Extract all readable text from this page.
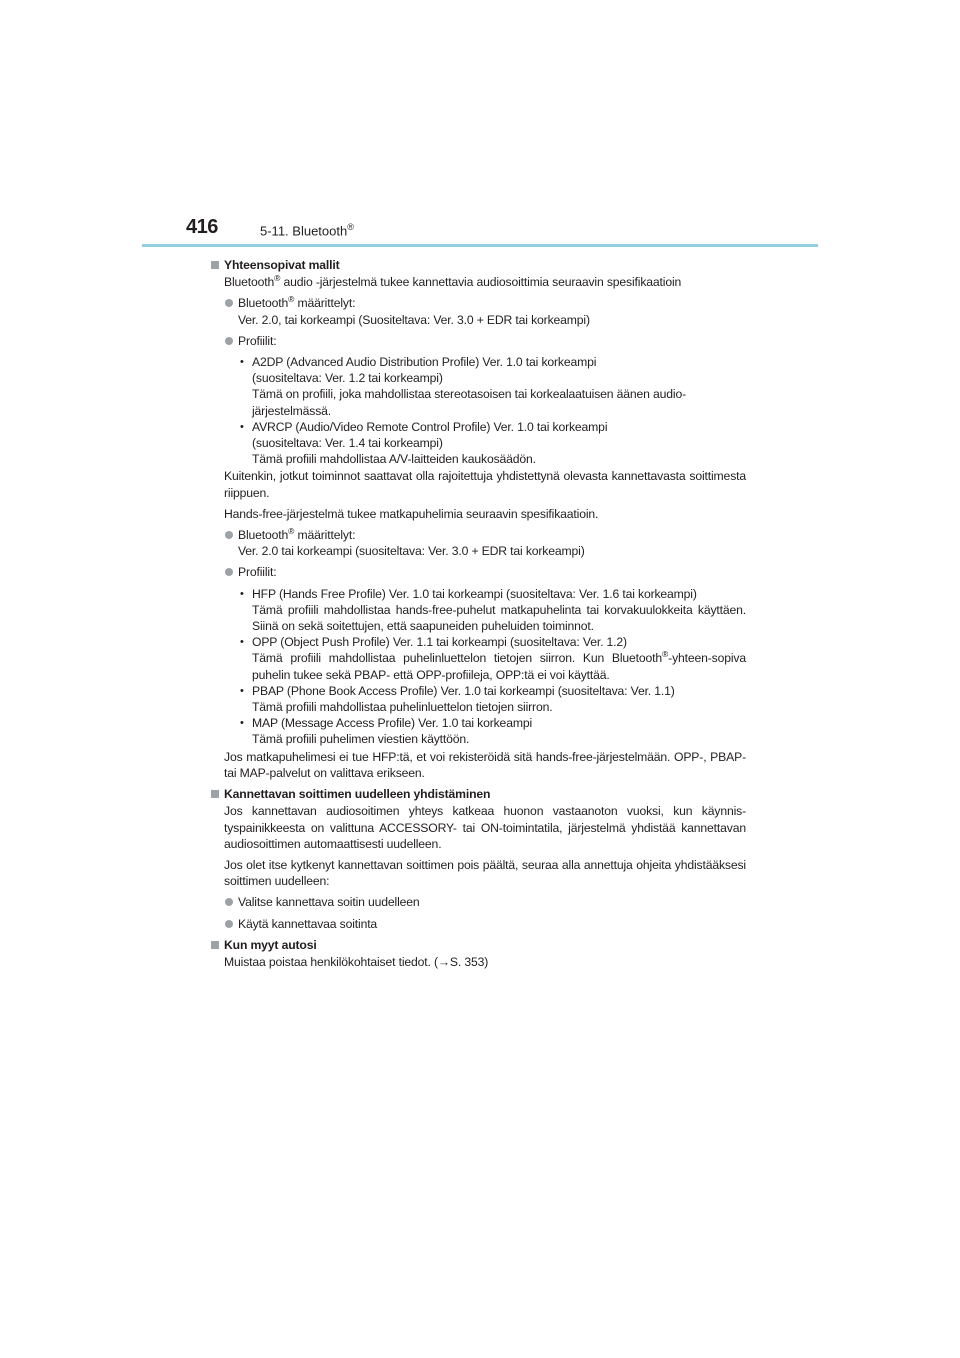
416	5-11. Bluetooth®
Yhteensopivat mallit
Bluetooth® audio -järjestelmä tukee kannettavia audiosoittimia seuraavin spesifikaatioin
Bluetooth® määrittelyt:
Ver. 2.0, tai korkeampi (Suositeltava: Ver. 3.0 + EDR tai korkeampi)
Profiilit:
• A2DP (Advanced Audio Distribution Profile) Ver. 1.0 tai korkeampi
(suositeltava: Ver. 1.2 tai korkeampi)
Tämä on profiili, joka mahdollistaa stereotasoisen tai korkealaatuisen äänen audio-
järjestelmässä.
• AVRCP (Audio/Video Remote Control Profile) Ver. 1.0 tai korkeampi
(suositeltava: Ver. 1.4 tai korkeampi)
Tämä profiili mahdollistaa A/V-laitteiden kaukosäädön.
Kuitenkin, jotkut toiminnot saattavat olla rajoitettuja yhdistettynä olevasta kannettavasta soittimesta riippuen.
Hands-free-järjestelmä tukee matkapuhelimia seuraavin spesifikaatioin.
Bluetooth® määrittelyt:
Ver. 2.0 tai korkeampi (suositeltava: Ver. 3.0 + EDR tai korkeampi)
Profiilit:
• HFP (Hands Free Profile) Ver. 1.0 tai korkeampi (suositeltava: Ver. 1.6 tai korkeampi)
Tämä profiili mahdollistaa hands-free-puhelut matkapuhelinta tai korvakuulokkeita käyttäen. Siinä on sekä soitettujen, että saapuneiden puheluiden toiminnot.
• OPP (Object Push Profile) Ver. 1.1 tai korkeampi (suositeltava: Ver. 1.2)
Tämä profiili mahdollistaa puhelinluettelon tietojen siirron. Kun Bluetooth®-yhteen-sopiva puhelin tukee sekä PBAP- että OPP-profiileja, OPP:tä ei voi käyttää.
• PBAP (Phone Book Access Profile) Ver. 1.0 tai korkeampi (suositeltava: Ver. 1.1)
Tämä profiili mahdollistaa puhelinluettelon tietojen siirron.
• MAP (Message Access Profile) Ver. 1.0 tai korkeampi
Tämä profiili puhelimen viestien käyttöön.
Jos matkapuhelimesi ei tue HFP:tä, et voi rekisteröidä sitä hands-free-järjestelmään. OPP-, PBAP- tai MAP-palvelut on valittava erikseen.
Kannettavan soittimen uudelleen yhdistäminen
Jos kannettavan audiosoitimen yhteys katkeaa huonon vastaanoton vuoksi, kun käynnis-tyspainikkeesta on valittuna ACCESSORY- tai ON-toimintatila, järjestelmä yhdistää kannettavan audiosoittimen automaattisesti uudelleen.
Jos olet itse kytkenyt kannettavan soittimen pois päältä, seuraa alla annettuja ohjeita yhdistääksesi soittimen uudelleen:
Valitse kannettava soitin uudelleen
Käytä kannettavaa soitinta
Kun myyt autosi
Muistaa poistaa henkilökohtaiset tiedot. (→S. 353)
